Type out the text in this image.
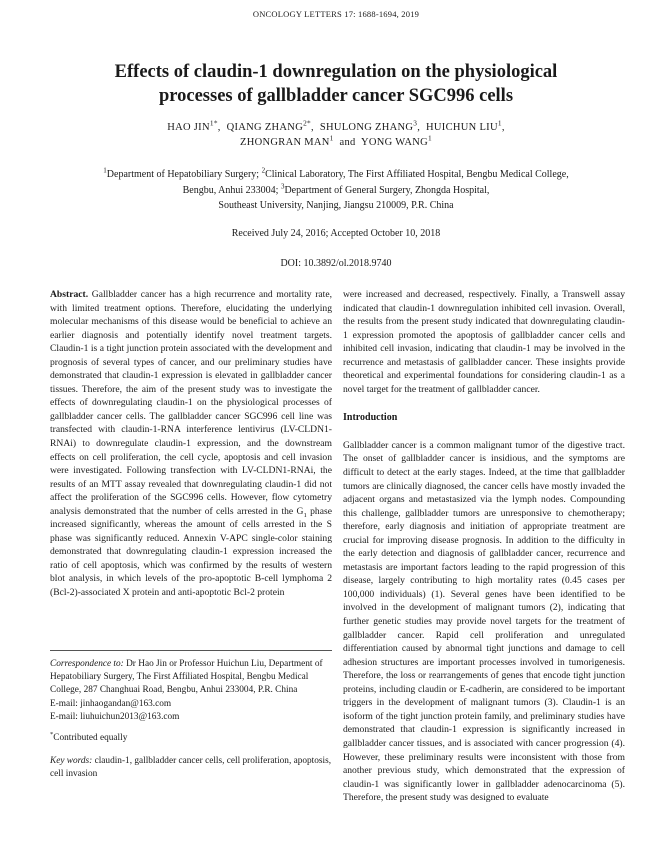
ONCOLOGY LETTERS 17: 1688-1694, 2019
Effects of claudin-1 downregulation on the physiological
processes of gallbladder cancer SGC996 cells
HAO $JIN^{1*}$,  QIANG $ZHANG^{2*}$,  SHULONG ZHANG$^3$,  HUICHUN LIU$^1$,
ZHONGRAN MAN$^1$  and  YONG WANG$^1$
$^1$Department of Hepatobiliary Surgery; $^2$Clinical Laboratory, The First Affiliated Hospital, Bengbu Medical College,
Bengbu, Anhui 233004; $^3$Department of General Surgery, Zhongda Hospital,
Southeast University, Nanjing, Jiangsu 210009, P.R. China
Received July 24, 2016; Accepted October 10, 2018
DOI: 10.3892/ol.2018.9740

Abstract. Gallbladder cancer has a high recurrence and mortality rate, with limited treatment options. Therefore, elucidating the underlying molecular mechanisms of this disease would be beneficial to achieve an earlier diagnosis and potentially identify novel treatment targets. Claudin-1 is a tight junction protein associated with the development and prognosis of several types of cancer, and our preliminary studies have demonstrated that claudin-1 expression is elevated in gallbladder cancer tissues. Therefore, the aim of the present study was to investigate the effects of downregulating claudin-1 on the physiological processes of gallbladder cancer cells. The gallbladder cancer SGC996 cell line was transfected with claudin-1-RNA interference lentivirus (LV-CLDN1-RNAi) to downregulate claudin-1 expression, and the downstream effects on cell proliferation, the cell cycle, apoptosis and cell invasion were investigated. Following transfection with LV-CLDN1-RNAi, the results of an MTT assay revealed that downregulating claudin-1 did not affect the proliferation of the SGC996 cells. However, flow cytometry analysis demonstrated that the number of cells arrested in the $G_1$ phase increased significantly, whereas the amount of cells arrested in the S phase was significantly reduced. Annexin V-APC single-color staining demonstrated that downregulating claudin-1 expression increased the ratio of cell apoptosis, which was confirmed by the results of western blot analysis, in which levels of the pro-apoptotic B-cell lymphoma 2 (Bcl-2)-associated X protein and anti-apoptotic Bcl-2 protein

Correspondence to: Dr Hao Jin or Professor Huichun Liu, Department of Hepatobiliary Surgery, The First Affiliated Hospital, Bengbu Medical College, 287 Changhuai Road, Bengbu, Anhui 233004, P.R. China

E-mail: jinhaogandan@163.com

E-mail: liuhuichun2013@163.com

*Contributed equally

Key words: claudin-1, gallbladder cancer cells, cell proliferation, apoptosis, cell invasion

were increased and decreased, respectively. Finally, a Transwell assay indicated that claudin-1 downregulation inhibited cell invasion. Overall, the results from the present study indicated that downregulating claudin-1 expression promoted the apoptosis of gallbladder cancer cells and inhibited cell invasion, indicating that claudin-1 may be involved in the recurrence and metastasis of gallbladder cancer. These insights provide theoretical and experimental foundations for considering claudin-1 as a novel target for the treatment of gallbladder cancer.

Introduction

Gallbladder cancer is a common malignant tumor of the digestive tract. The onset of gallbladder cancer is insidious, and the symptoms are difficult to detect at the early stages. Indeed, at the time that gallbladder tumors are clinically diagnosed, the cancer cells have mostly invaded the adjacent organs and metastasized via the lymph nodes. Compounding this challenge, gallbladder tumors are unresponsive to chemotherapy; therefore, early diagnosis and initiation of appropriate treatment are crucial for improving disease prognosis. In addition to the difficulty in the early detection and diagnosis of gallbladder cancer, recurrence and metastasis are important factors leading to the rapid progression of this disease, largely contributing to high mortality rates (0.45 cases per 100,000 individuals) (1). Several genes have been identified to be involved in the development of malignant tumors (2), indicating that further genetic studies may provide novel targets for the treatment of gallbladder cancer. Rapid cell proliferation and unregulated differentiation caused by abnormal tight junctions and damage to cell adhesion structures are important processes involved in tumorigenesis. Therefore, the loss or rearrangements of genes that encode tight junction proteins, including claudin or E-cadherin, are considered to be important triggers in the development of malignant tumors (3). Claudin-1 is an isoform of the tight junction protein family, and preliminary studies have demonstrated that claudin-1 expression is significantly increased in gallbladder cancer tissues, and is associated with cancer progression (4). However, these preliminary results were inconsistent with those from another previous study, which demonstrated that the expression of claudin-1 was significantly lower in gallbladder adenocarcinoma (5). Therefore, the present study was designed to evaluate
